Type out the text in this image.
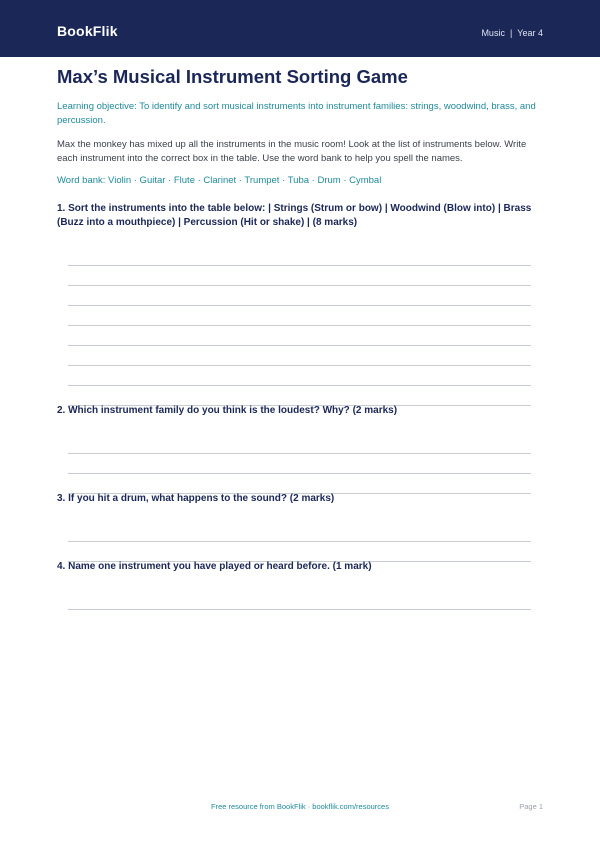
BookFlik	Music | Year 4
Max’s Musical Instrument Sorting Game
Learning objective: To identify and sort musical instruments into instrument families: strings, woodwind, brass, and percussion.
Max the monkey has mixed up all the instruments in the music room! Look at the list of instruments below. Write each instrument into the correct box in the table. Use the word bank to help you spell the names.
Word bank: Violin · Guitar · Flute · Clarinet · Trumpet · Tuba · Drum · Cymbal
1. Sort the instruments into the table below: | Strings (Strum or bow) | Woodwind (Blow into) | Brass (Buzz into a mouthpiece) | Percussion (Hit or shake) | (8 marks)
2. Which instrument family do you think is the loudest? Why? (2 marks)
3. If you hit a drum, what happens to the sound? (2 marks)
4. Name one instrument you have played or heard before. (1 mark)
Free resource from BookFlik · bookflik.com/resources	Page 1
